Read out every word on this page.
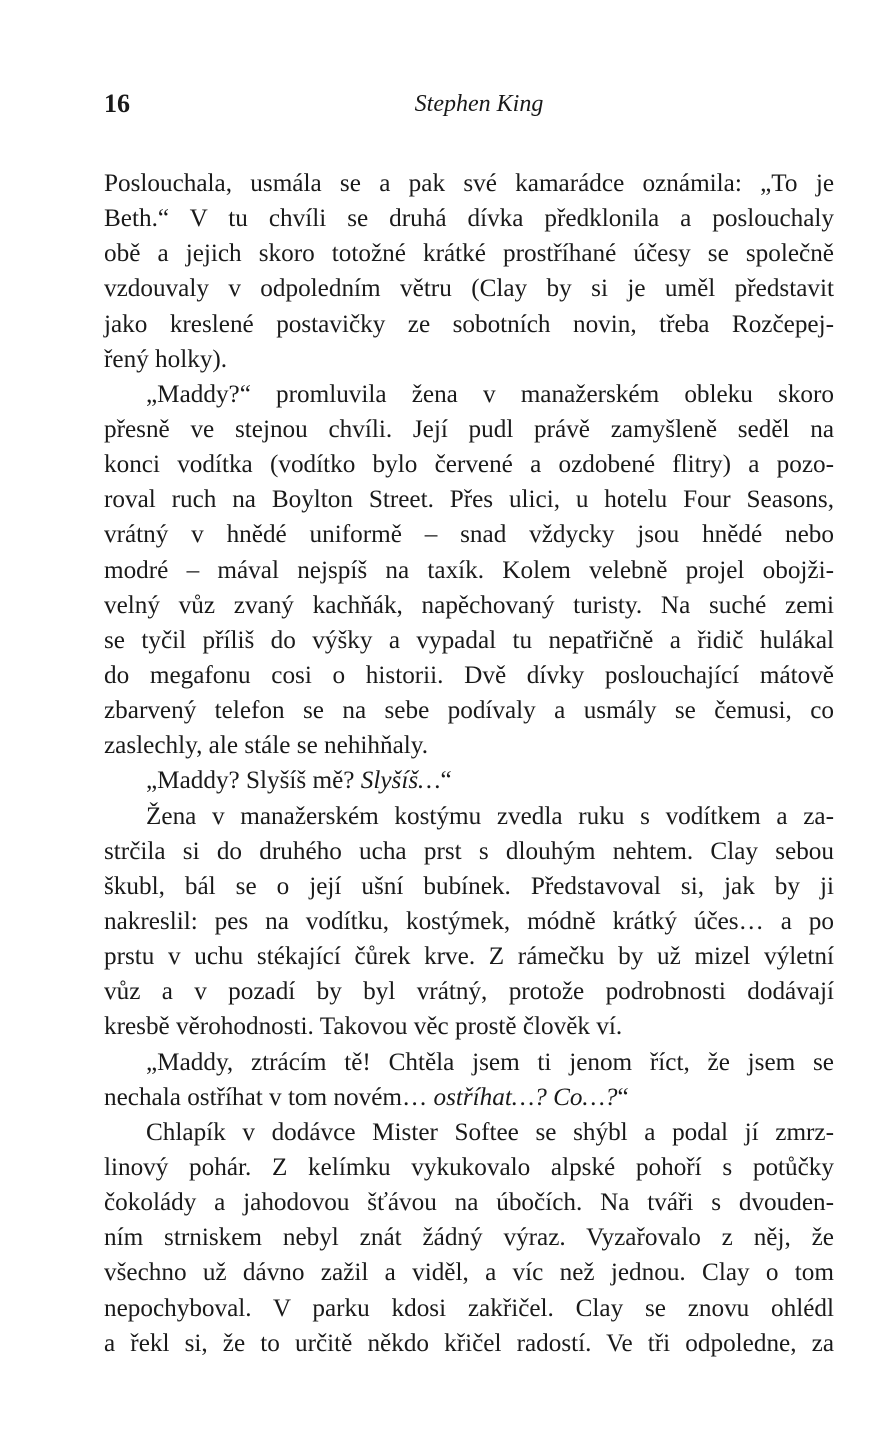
16	Stephen King

Poslouchala, usmála se a pak své kamarádce oznámila: „To je
Beth.“ V tu chvíli se druhá dívka předklonila a poslouchaly
obě a jejich skoro totožné krátké prostříhané účesy se společně
vzdouvaly v odpoledním větru (Clay by si je uměl představit
jako kreslené postavičky ze sobotních novin, třeba Rozčepej-
řený holky).

„Maddy?“ promluvila žena v manažerském obleku skoro
přesně ve stejnou chvíli. Její pudl právě zamyšleně seděl na
konci vodítka (vodítko bylo červené a ozdobené flitry) a pozo-
roval ruch na Boylton Street. Přes ulici, u hotelu Four Seasons,
vrátný v hnědé uniformě – snad vždycky jsou hnědé nebo
modré – mával nejspíš na taxík. Kolem velebně projel obojži-
velný vůz zvaný kachňák, napěchovaný turisty. Na suché zemi
se tyčil příliš do výšky a vypadal tu nepatřičně a řidič hulákal
do megafonu cosi o historii. Dvě dívky poslouchající mátově
zbarvený telefon se na sebe podívaly a usmály se čemusi, co
zaslechly, ale stále se nehihňaly.

„Maddy? Slyšíš mě? Slyšíš…“

Žena v manažerském kostýmu zvedla ruku s vodítkem a za-
strčila si do druhého ucha prst s dlouhým nehtem. Clay sebou
škubl, bál se o její ušní bubínek. Představoval si, jak by ji
nakreslil: pes na vodítku, kostýmek, módně krátký účes… a po
prstu v uchu stékající čůrek krve. Z rámečku by už mizel výletní
vůz a v pozadí by byl vrátný, protože podrobnosti dodávají
kresbě věrohodnosti. Takovou věc prostě člověk ví.

„Maddy, ztrácím tě! Chtěla jsem ti jenom říct, že jsem se
nechala ostříhat v tom novém… ostříhat…? Co…?“

Chlapík v dodávce Mister Softee se shýbl a podal jí zmrz-
linový pohár. Z kelímku vykukovalo alpské pohoří s potůčky
čokolády a jahodovou šťávou na úbočích. Na tváři s dvouden-
ním strniskem nebyl znát žádný výraz. Vyzařovalo z něj, že
všechno už dávno zažil a viděl, a víc než jednou. Clay o tom
nepochyboval. V parku kdosi zakřičel. Clay se znovu ohlédl
a řekl si, že to určitě někdo křičel radostí. Ve tři odpoledne, za
